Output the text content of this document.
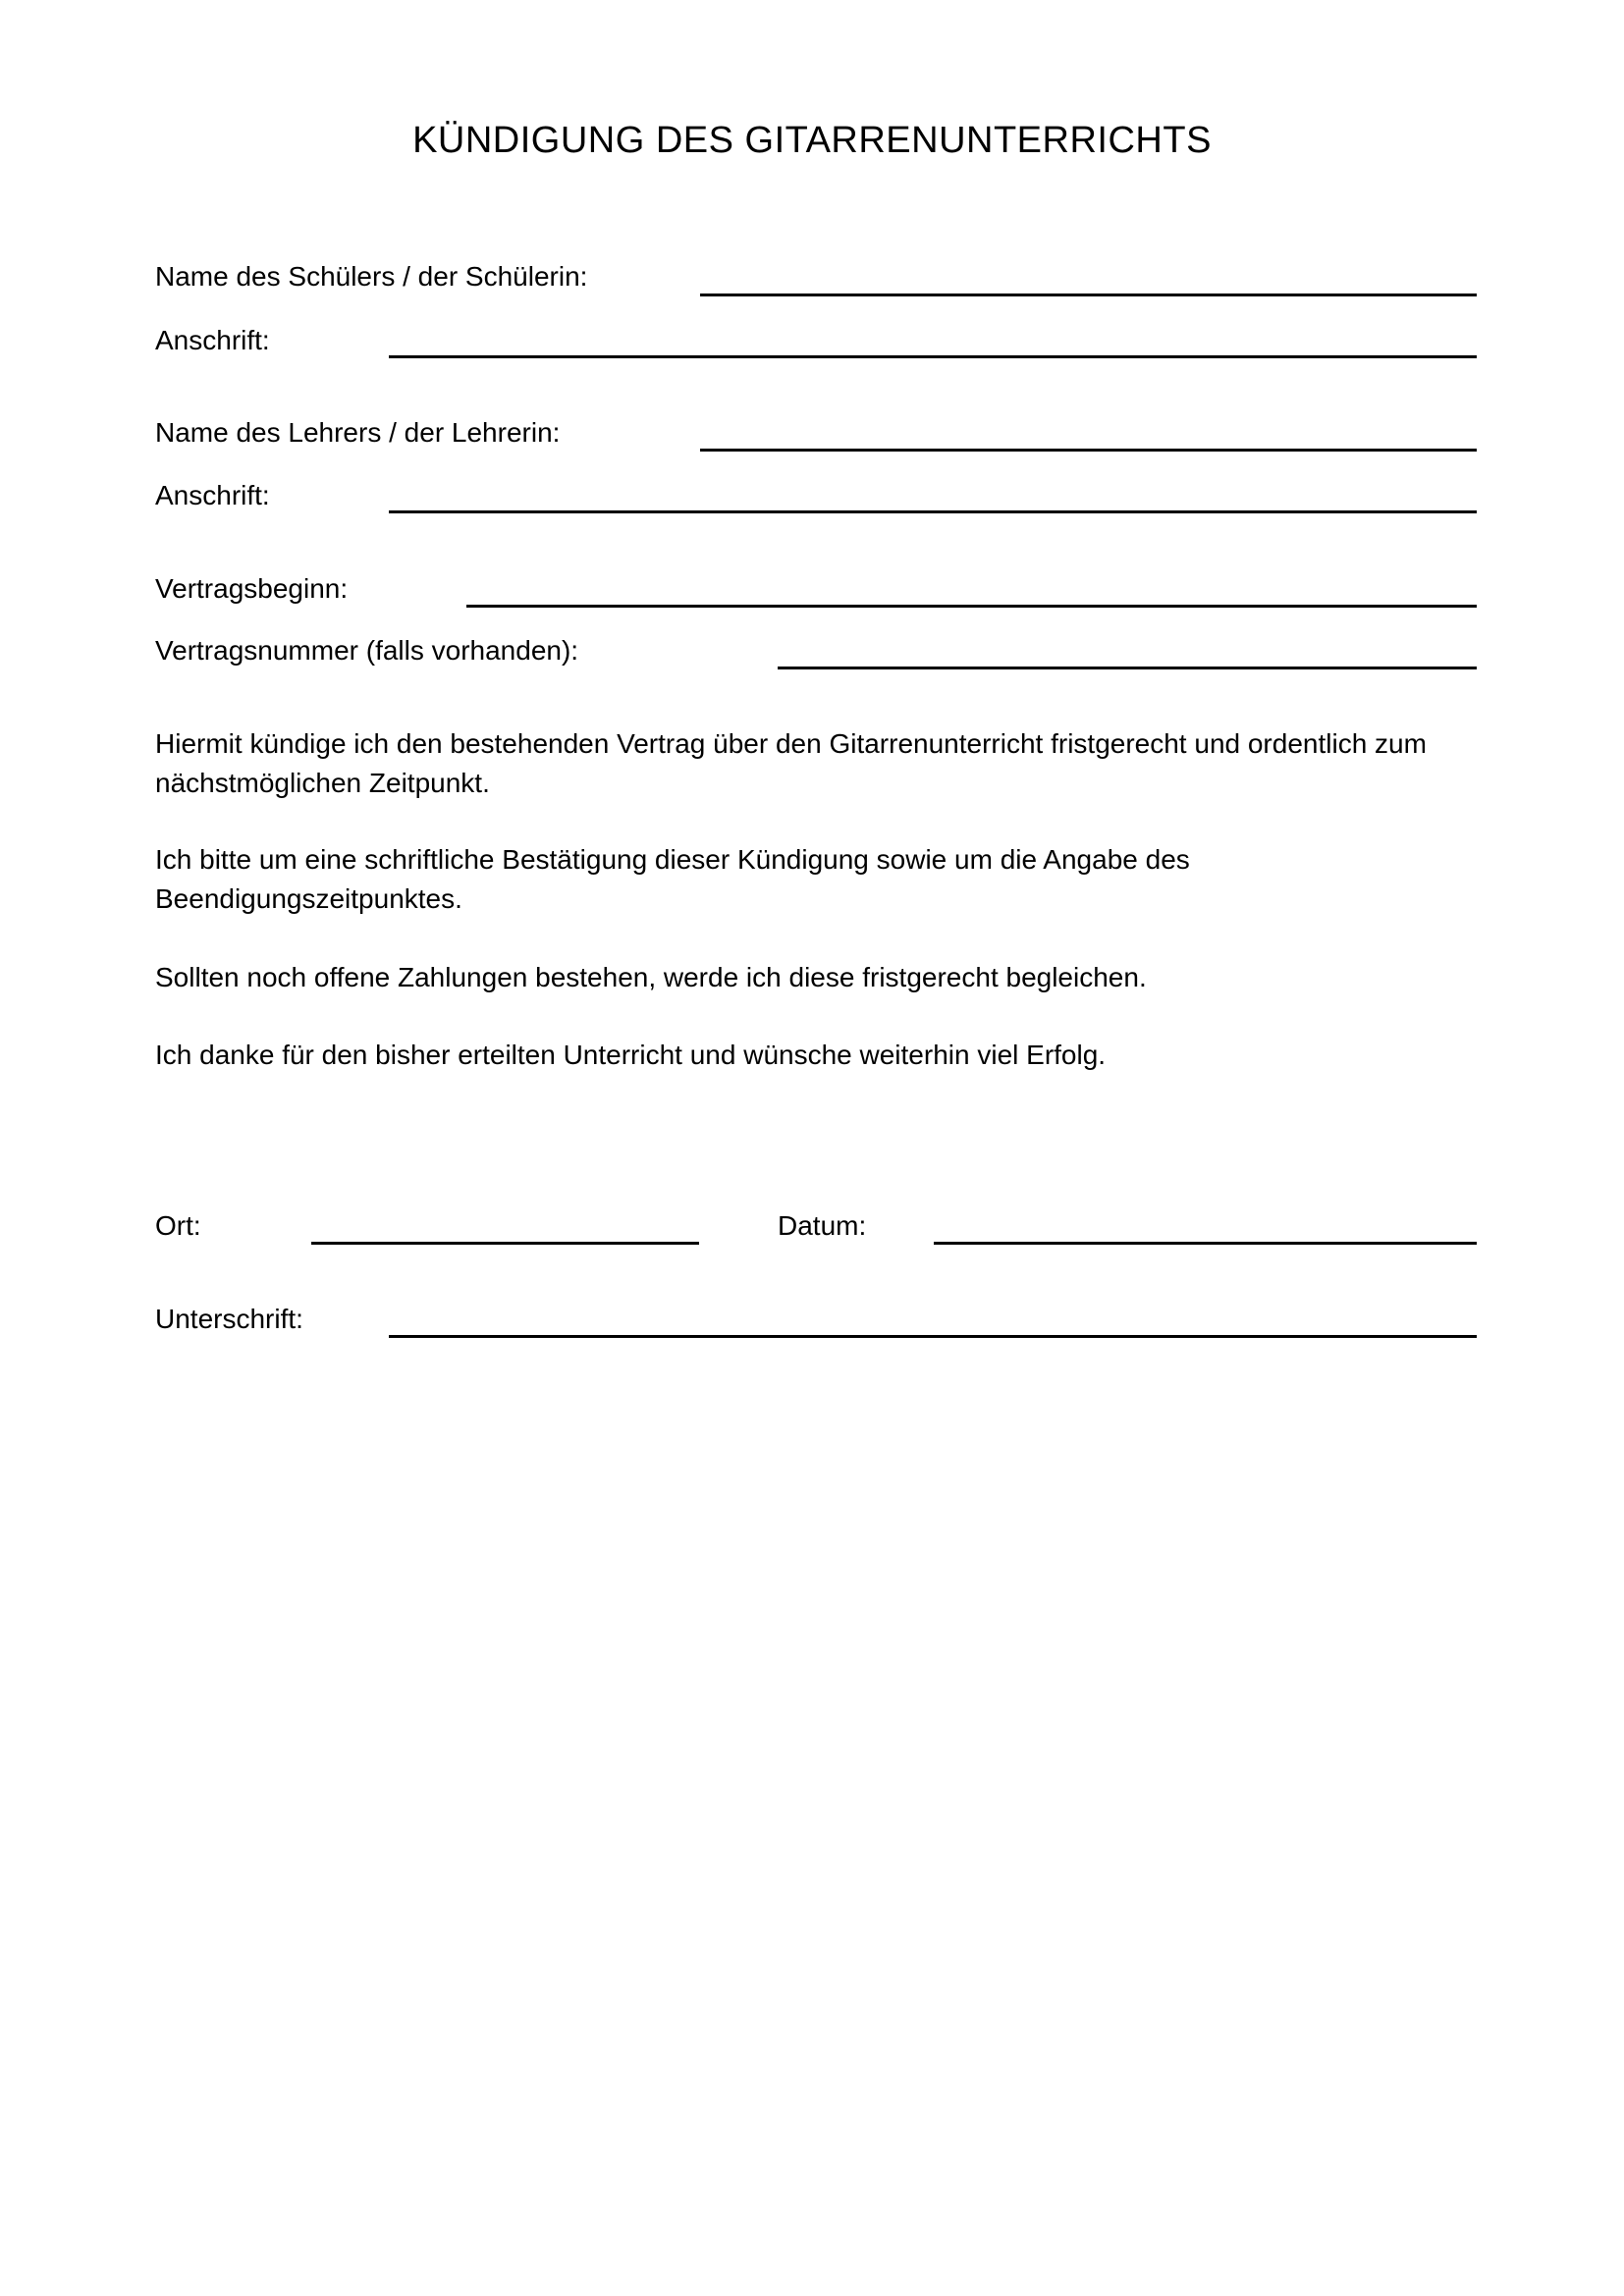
KÜNDIGUNG DES GITARRENUNTERRICHTS
Name des Schülers / der Schülerin:
Anschrift:
Name des Lehrers / der Lehrerin:
Anschrift:
Vertragsbeginn:
Vertragsnummer (falls vorhanden):

Hiermit kündige ich den bestehenden Vertrag über den Gitarrenunterricht fristgerecht und ordentlich zum nächstmöglichen Zeitpunkt.

Ich bitte um eine schriftliche Bestätigung dieser Kündigung sowie um die Angabe des Beendigungszeitpunktes.

Sollten noch offene Zahlungen bestehen, werde ich diese fristgerecht begleichen.

Ich danke für den bisher erteilten Unterricht und wünsche weiterhin viel Erfolg.

Ort:	Datum:
Unterschrift:
